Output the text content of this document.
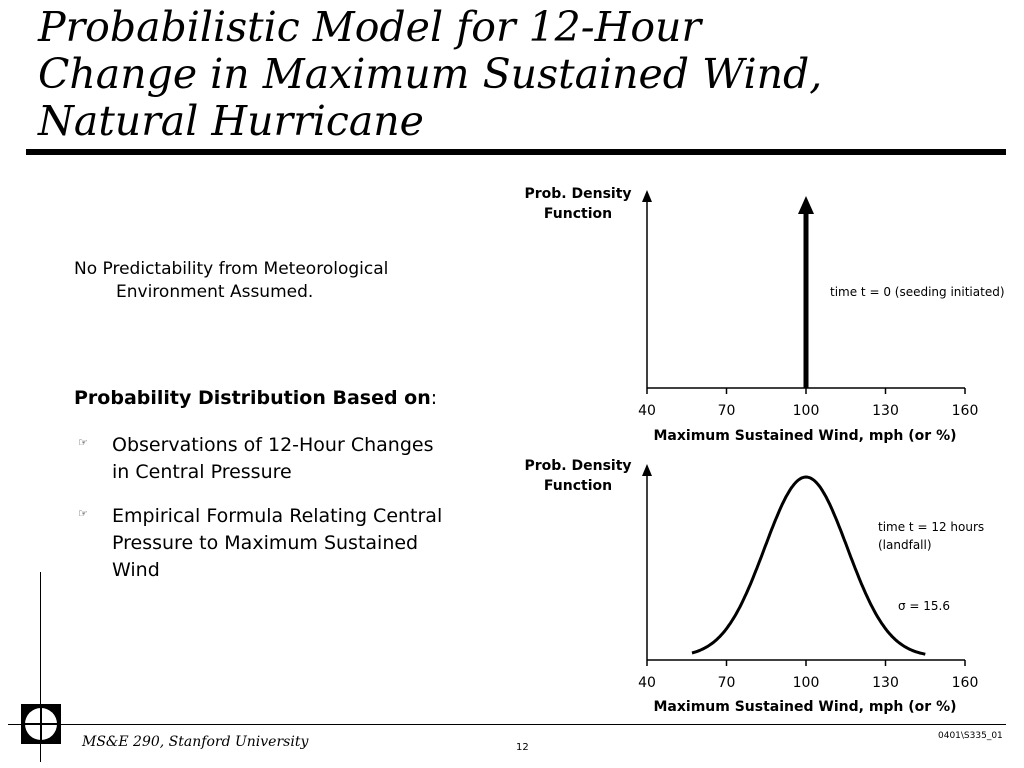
Probabilistic Model for 12-Hour
Change in Maximum Sustained Wind,
Natural Hurricane
No Predictability from Meteorological Environment Assumed.
Probability Distribution Based on:
☞ Observations of 12-Hour Changes in Central Pressure
☞ Empirical Formula Relating Central Pressure to Maximum Sustained Wind
Prob. Density
Function
40	70	100	130	160
time t = 0 (seeding initiated)
Maximum Sustained Wind, mph (or %)
Prob. Density
Function
40	70	100	130	160
time t = 12 hours
(landfall)
σ = 15.6
Maximum Sustained Wind, mph (or %)
MS&E 290, Stanford University	12
0401\S335_01
